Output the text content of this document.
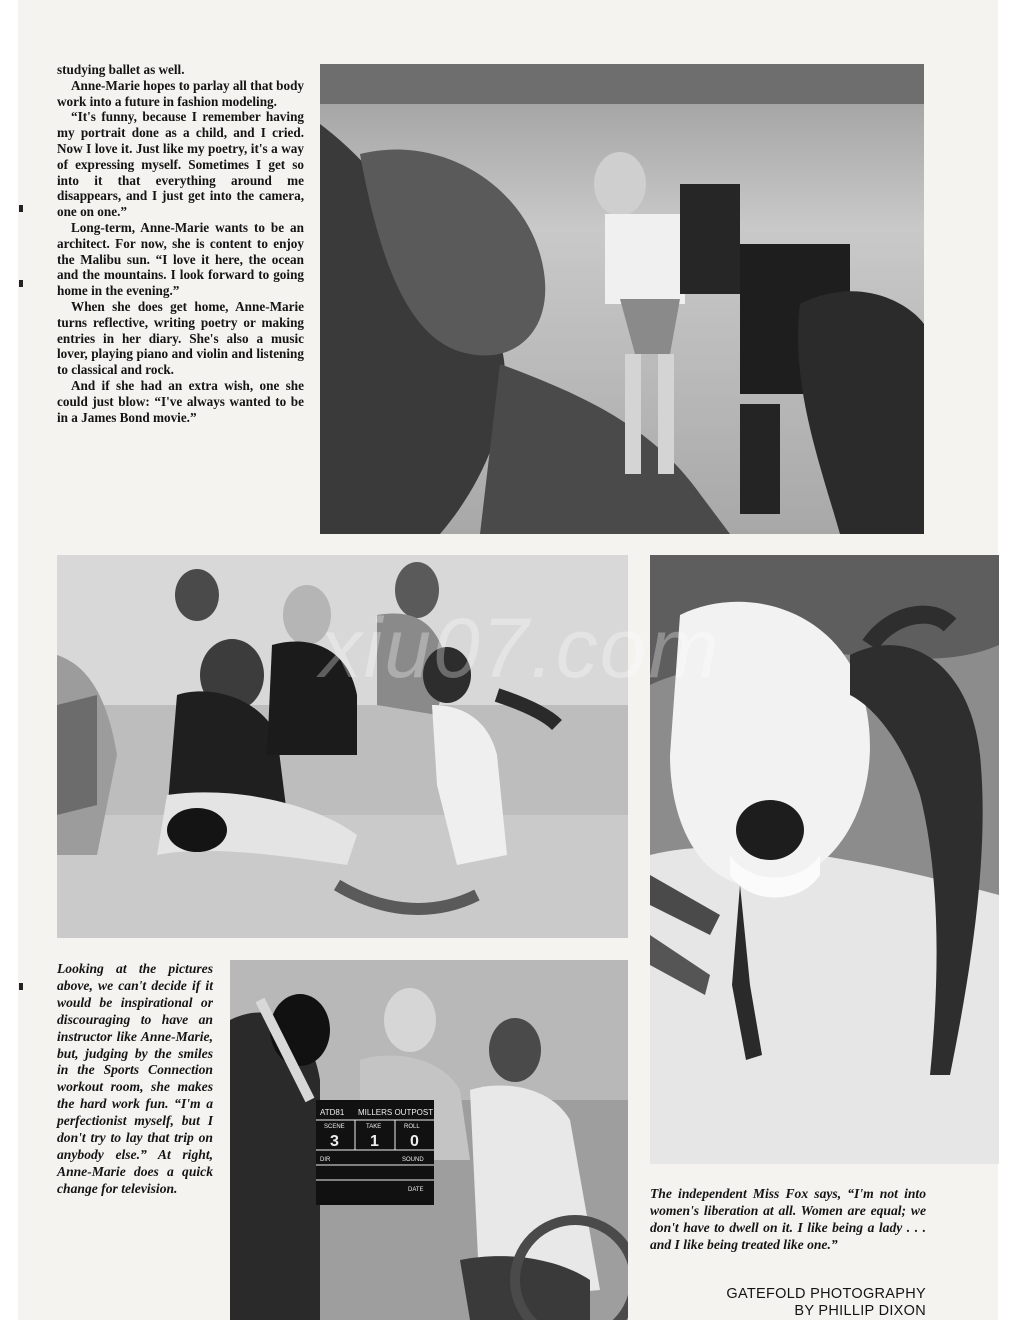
studying ballet as well.

Anne-Marie hopes to parlay all that body work into a future in fashion modeling.

“It's funny, because I remember having my portrait done as a child, and I cried. Now I love it. Just like my poetry, it's a way of expressing myself. Sometimes I get so into it that everything around me disappears, and I just get into the camera, one on one.”

Long-term, Anne-Marie wants to be an architect. For now, she is content to enjoy the Malibu sun. “I love it here, the ocean and the mountains. I look forward to going home in the evening.”

When she does get home, Anne-Marie turns reflective, writing poetry or making entries in her diary. She's also a music lover, playing piano and violin and listening to classical and rock.

And if she had an extra wish, one she could just blow: “I've always wanted to be in a James Bond movie.”

ATD81 MILLERS OUTPOST
SCENE	TAKE	ROLL
3 1 0
DIR	SOUND
DATE
Looking at the pictures above, we can't decide if it would be inspirational or discouraging to have an instructor like Anne-Marie, but, judging by the smiles in the Sports Connection workout room, she makes the hard work fun. “I'm a perfectionist myself, but I don't try to lay that trip on anybody else.” At right, Anne-Marie does a quick change for television.	The independent Miss Fox says, “I'm not into women's liberation at all. Women are equal; we don't have to dwell on it. I like being a lady . . . and I like being treated like one.”
GATEFOLD PHOTOGRAPHY
BY PHILLIP DIXON
xiu07.com
